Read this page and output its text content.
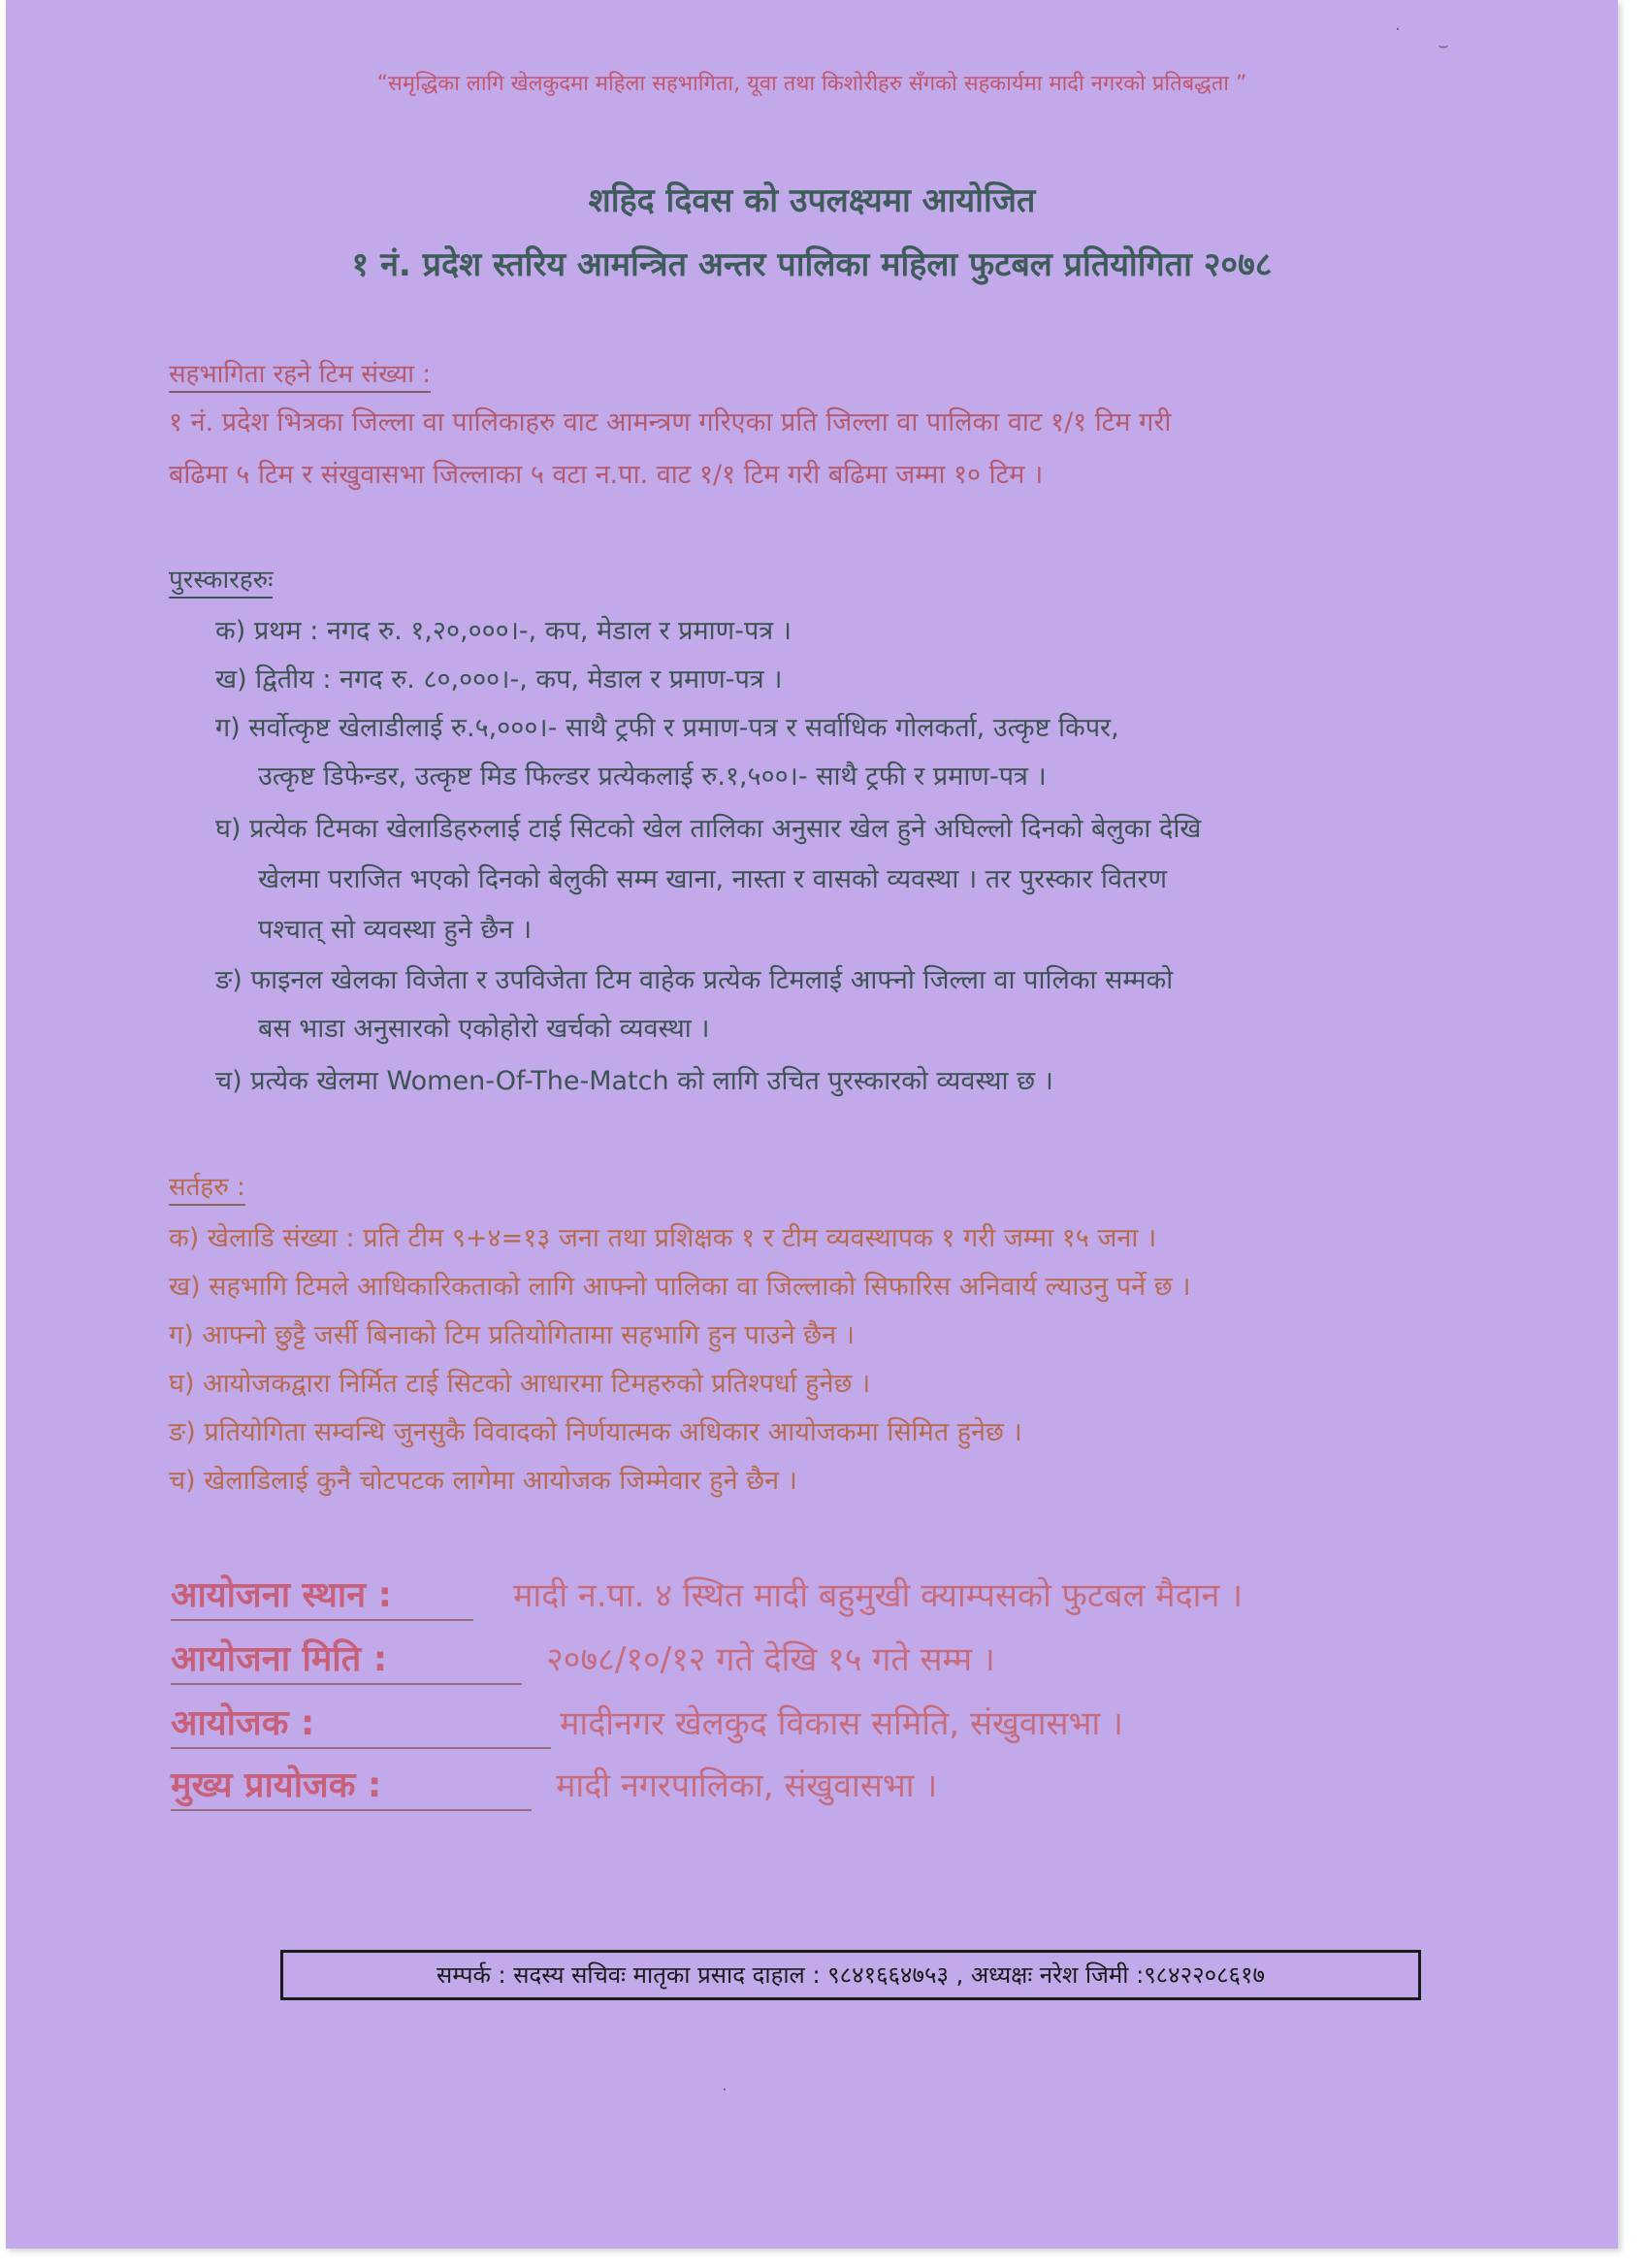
“समृद्धिका लागि खेलकुदमा महिला सहभागिता, यूवा तथा किशोरीहरु सँगको सहकार्यमा मादी नगरको प्रतिबद्धता ”
शहिद दिवस को उपलक्ष्यमा आयोजित
१ नं. प्रदेश स्तरिय आमन्त्रित अन्तर पालिका महिला फुटबल प्रतियोगिता २०७८
सहभागिता रहने टिम संख्या :
१ नं. प्रदेश भित्रका जिल्ला वा पालिकाहरु वाट आमन्त्रण गरिएका प्रति जिल्ला वा पालिका वाट १/१ टिम गरी
बढिमा ५ टिम र संखुवासभा जिल्लाका ५ वटा न.पा. वाट १/१ टिम गरी बढिमा जम्मा १० टिम ।
पुरस्कारहरुः
क) प्रथम : नगद रु. १,२०,०००।-, कप, मेडाल र प्रमाण-पत्र ।
ख) द्वितीय : नगद रु. ८०,०००।-, कप, मेडाल र प्रमाण-पत्र ।
ग) सर्वोत्कृष्ट खेलाडीलाई रु.५,०००।- साथै ट्रफी र प्रमाण-पत्र र सर्वाधिक गोलकर्ता, उत्कृष्ट किपर,
उत्कृष्ट डिफेन्डर, उत्कृष्ट मिड फिल्डर प्रत्येकलाई रु.१,५००।- साथै ट्रफी र प्रमाण-पत्र ।
घ) प्रत्येक टिमका खेलाडिहरुलाई टाई सिटको खेल तालिका अनुसार खेल हुने अघिल्लो दिनको बेलुका देखि
खेलमा पराजित भएको दिनको बेलुकी सम्म खाना, नास्ता र वासको व्यवस्था । तर पुरस्कार वितरण
पश्चात् सो व्यवस्था हुने छैन ।
ङ) फाइनल खेलका विजेता र उपविजेता टिम वाहेक प्रत्येक टिमलाई आफ्नो जिल्ला वा पालिका सम्मको
बस भाडा अनुसारको एकोहोरो खर्चको व्यवस्था ।
च) प्रत्येक खेलमा Women-Of-The-Match को लागि उचित पुरस्कारको व्यवस्था छ ।
सर्तहरु :
क) खेलाडि संख्या : प्रति टीम ९+४=१३ जना तथा प्रशिक्षक १ र टीम व्यवस्थापक १ गरी जम्मा १५ जना ।
ख) सहभागि टिमले आधिकारिकताको लागि आफ्नो पालिका वा जिल्लाको सिफारिस अनिवार्य ल्याउनु पर्ने छ ।
ग) आफ्नो छुट्टै जर्सी बिनाको टिम प्रतियोगितामा सहभागि हुन पाउने छैन ।
घ) आयोजकद्वारा निर्मित टाई सिटको आधारमा टिमहरुको प्रतिश्पर्धा हुनेछ ।
ङ) प्रतियोगिता सम्वन्धि जुनसुकै विवादको निर्णयात्मक अधिकार आयोजकमा सिमित हुनेछ ।
च) खेलाडिलाई कुनै चोटपटक लागेमा आयोजक जिम्मेवार हुने छैन ।
आयोजना स्थान :	मादी न.पा. ४ स्थित मादी बहुमुखी क्याम्पसको फुटबल मैदान ।
आयोजना मिति :	२०७८/१०/१२ गते देखि १५ गते सम्म ।
आयोजक :	मादीनगर खेलकुद विकास समिति, संखुवासभा ।
मुख्य प्रायोजक :	मादी नगरपालिका, संखुवासभा ।
सम्पर्क : सदस्य सचिवः मातृका प्रसाद दाहाल : ९८४१६६४७५३ , अध्यक्षः नरेश जिमी :९८४२२०८६१७
·
⌣
·
